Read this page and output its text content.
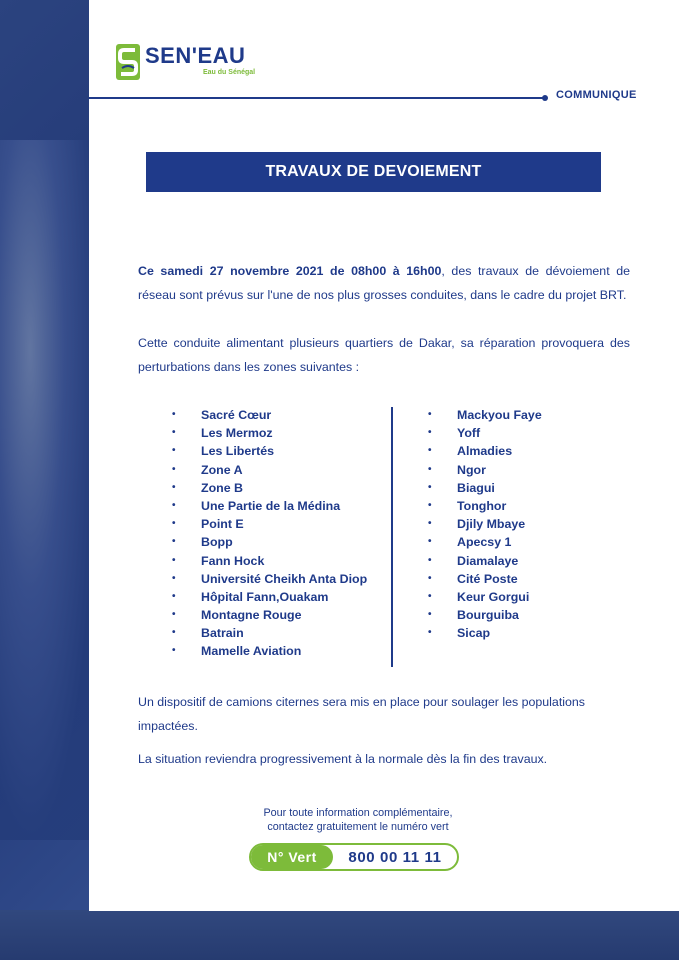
SEN'EAU
Eau du Sénégal
COMMUNIQUE
TRAVAUX DE DEVOIEMENT
Ce samedi 27 novembre 2021 de 08h00 à 16h00, des travaux de dévoiement de réseau sont prévus sur l'une de nos plus grosses conduites, dans le cadre du projet BRT.
Cette conduite alimentant plusieurs quartiers de Dakar, sa réparation provoquera des perturbations dans les zones suivantes :
• Sacré Cœur
• Les Mermoz
• Les Libertés
• Zone A
• Zone B
• Une Partie de la Médina
• Point E
• Bopp
• Fann Hock
• Université Cheikh Anta Diop
• Hôpital Fann,Ouakam
• Montagne Rouge
• Batrain
• Mamelle Aviation
• Mackyou Faye
• Yoff
• Almadies
• Ngor
• Biagui
• Tonghor
• Djily Mbaye
• Apecsy 1
• Diamalaye
• Cité Poste
• Keur Gorgui
• Bourguiba
• Sicap
Un dispositif de camions citernes sera mis en place pour soulager les populations impactées.
La situation reviendra progressivement à la normale dès la fin des travaux.
Pour toute information complémentaire,
contactez gratuitement le numéro vert
N° Vert	800 00 11 11
